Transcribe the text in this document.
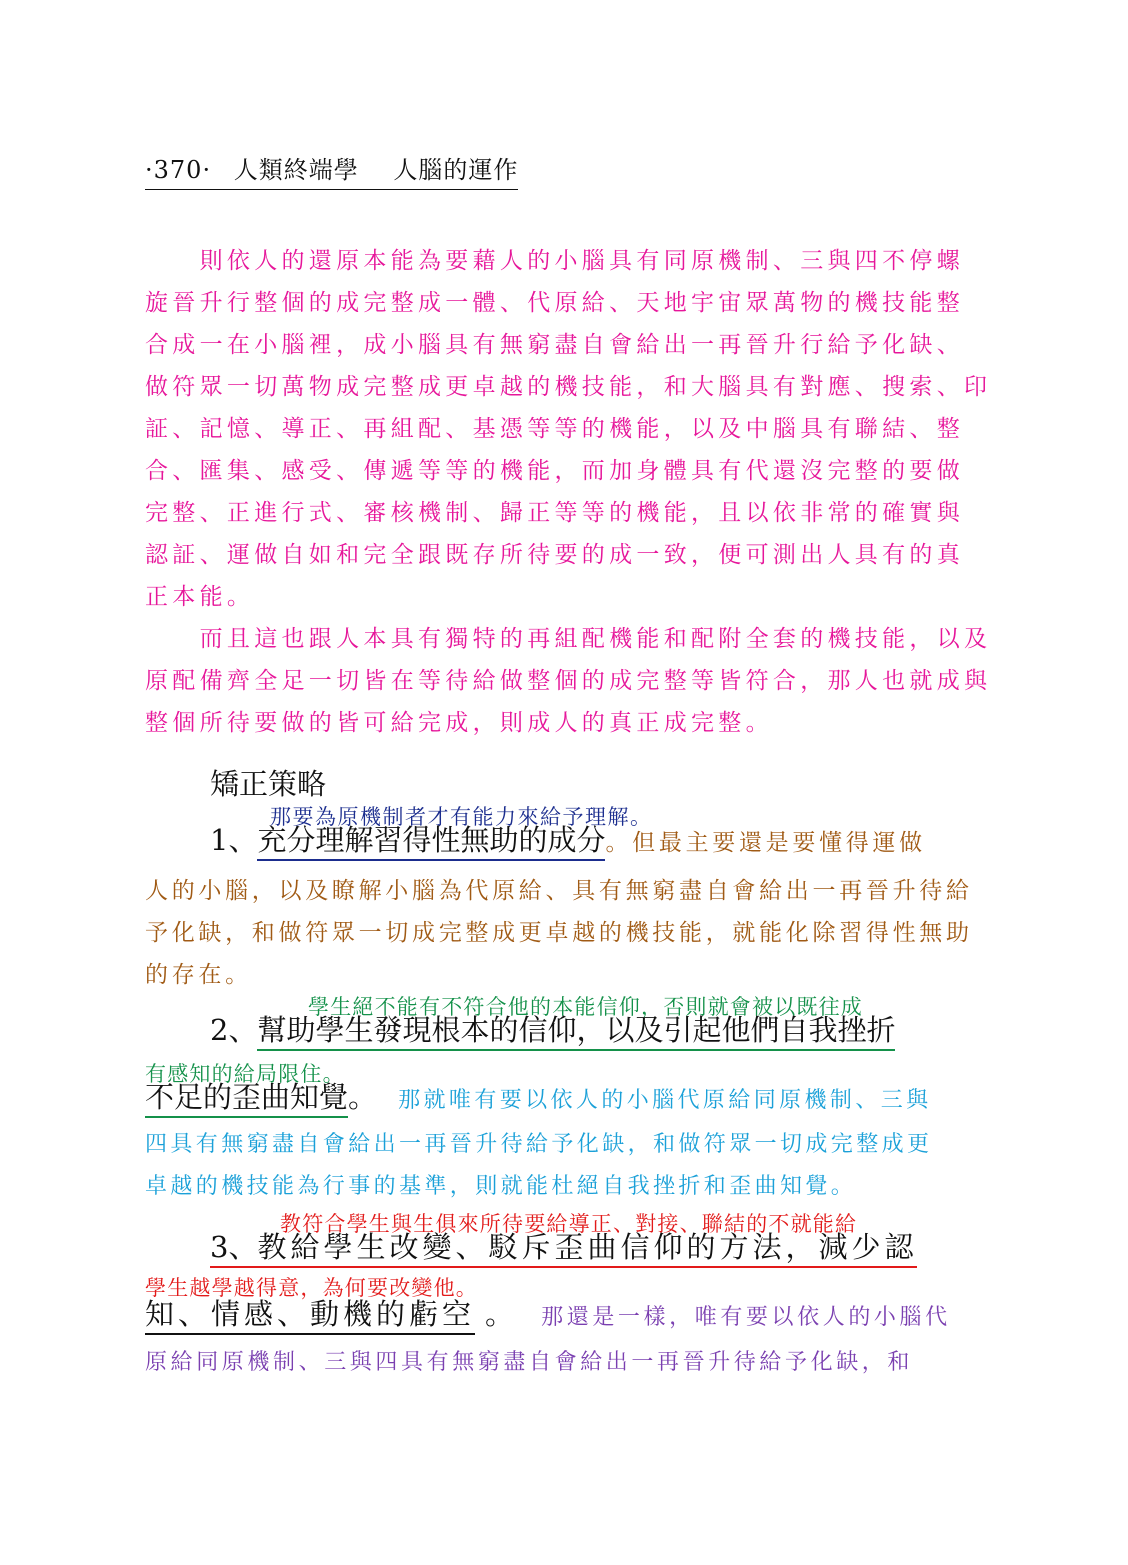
·370· 人類終端學 人腦的運作
　　則依人的還原本能為要藉人的小腦具有同原機制、三與四不停螺
旋晉升行整個的成完整成一體、代原給、天地宇宙眾萬物的機技能整
合成一在小腦裡，成小腦具有無窮盡自會給出一再晉升行給予化缺、
做符眾一切萬物成完整成更卓越的機技能，和大腦具有對應、搜索、印
証、記憶、導正、再組配、基憑等等的機能，以及中腦具有聯結、整
合、匯集、感受、傳遞等等的機能，而加身體具有代還沒完整的要做
完整、正進行式、審核機制、歸正等等的機能，且以依非常的確實與
認証、運做自如和完全跟既存所待要的成一致，便可測出人具有的真
正本能。
　　而且這也跟人本具有獨特的再組配機能和配附全套的機技能，以及
原配備齊全足一切皆在等待給做整個的成完整等皆符合，那人也就成與
整個所待要做的皆可給完成，則成人的真正成完整。
矯正策略
那要為原機制者才有能力來給予理解。
1、充分理解習得性無助的成分。但最主要還是要懂得運做
人的小腦，以及瞭解小腦為代原給、具有無窮盡自會給出一再晉升待給
予化缺，和做符眾一切成完整成更卓越的機技能，就能化除習得性無助
的存在。
學生絕不能有不符合他的本能信仰，否則就會被以既往成
2、幫助學生發現根本的信仰，以及引起他們自我挫折
有感知的給局限住。
不足的歪曲知覺。 那就唯有要以依人的小腦代原給同原機制、三與
四具有無窮盡自會給出一再晉升待給予化缺，和做符眾一切成完整成更
卓越的機技能為行事的基準，則就能杜絕自我挫折和歪曲知覺。
教符合學生與生俱來所待要給導正、對接、聯結的不就能給
3、教給學生改變、駁斥歪曲信仰的方法，減少認
學生越學越得意，為何要改變他。
知、情感、動機的虧空 。 那還是一樣，唯有要以依人的小腦代
原給同原機制、三與四具有無窮盡自會給出一再晉升待給予化缺，和
